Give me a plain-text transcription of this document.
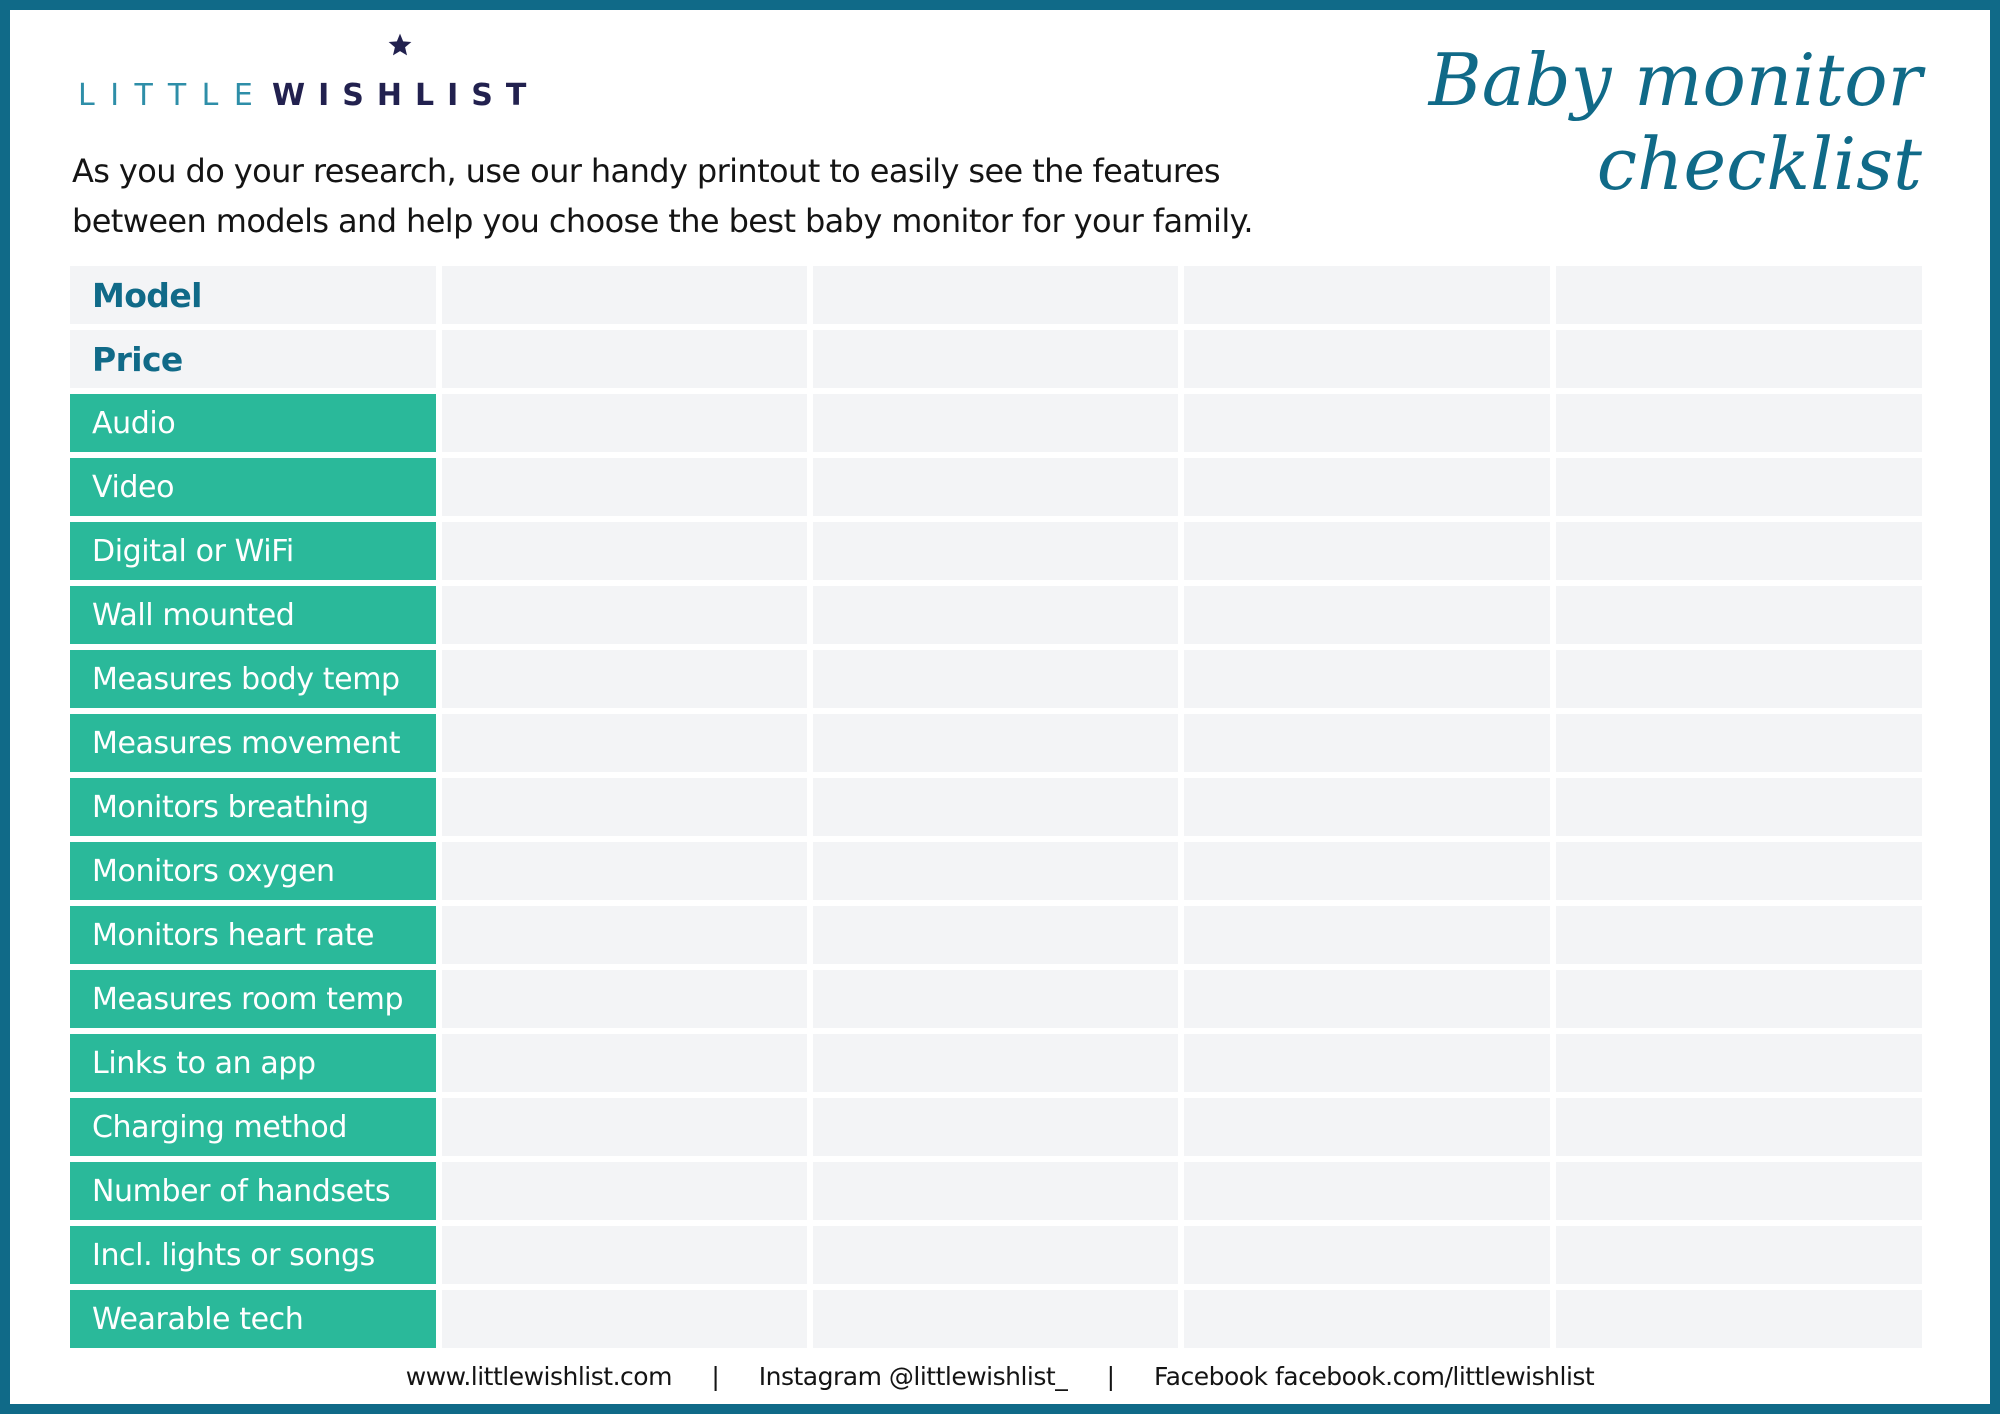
LITTLE WISHLIST	Baby monitor
checklist
As you do your research, use our handy printout to easily see the features
between models and help you choose the best baby monitor for your family.
Model
Price
Audio
Video
Digital or WiFi
Wall mounted
Measures body temp
Measures movement
Monitors breathing
Monitors oxygen
Monitors heart rate
Measures room temp
Links to an app
Charging method
Number of handsets
Incl. lights or songs
Wearable tech
www.littlewishlist.com | Instagram @littlewishlist_ | Facebook facebook.com/littlewishlist
